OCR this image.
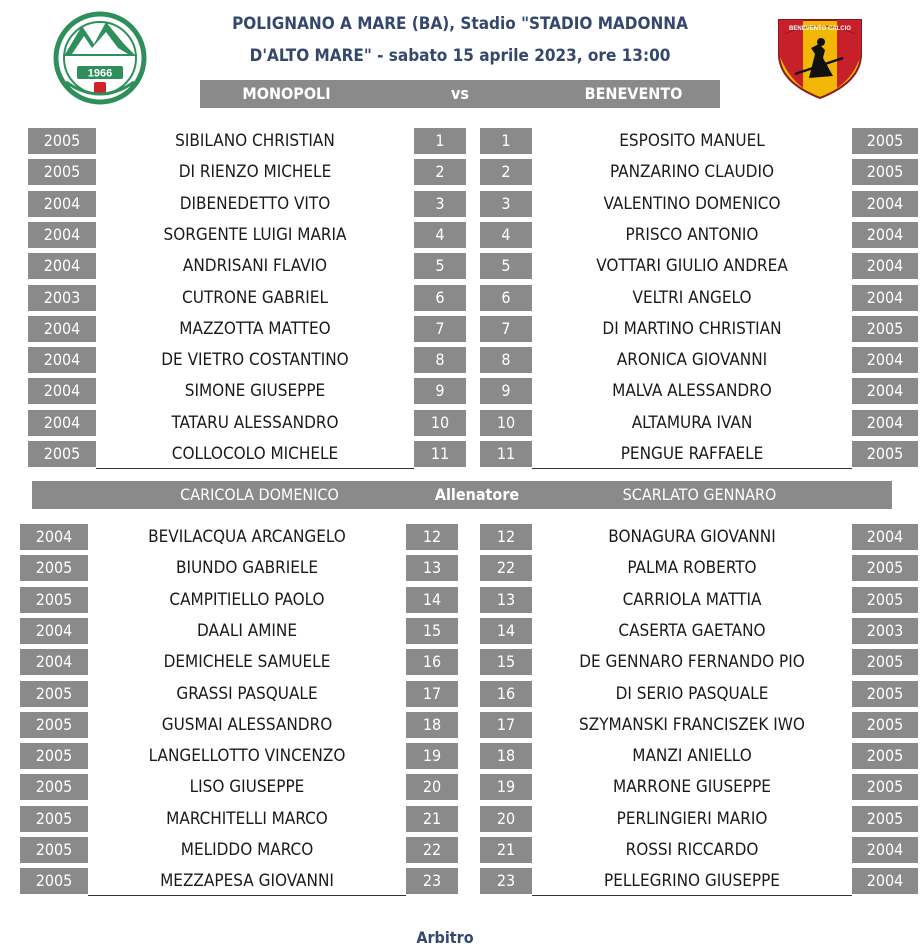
1966
BENEVENTO CALCIO
POLIGNANO A MARE (BA), Stadio "STADIO MADONNA
D'ALTO MARE" - sabato 15 aprile 2023, ore 13:00
MONOPOLI	vs	BENEVENTO
2005	SIBILANO CHRISTIAN	1	1	ESPOSITO MANUEL	2005
2005	DI RIENZO MICHELE	2	2	PANZARINO CLAUDIO	2005
2004	DIBENEDETTO VITO	3	3	VALENTINO DOMENICO	2004
2004	SORGENTE LUIGI MARIA	4	4	PRISCO ANTONIO	2004
2004	ANDRISANI FLAVIO	5	5	VOTTARI GIULIO ANDREA	2004
2003	CUTRONE GABRIEL	6	6	VELTRI ANGELO	2004
2004	MAZZOTTA MATTEO	7	7	DI MARTINO CHRISTIAN	2005
2004	DE VIETRO COSTANTINO	8	8	ARONICA GIOVANNI	2004
2004	SIMONE GIUSEPPE	9	9	MALVA ALESSANDRO	2004
2004	TATARU ALESSANDRO	10	10	ALTAMURA IVAN	2004
2005	COLLOCOLO MICHELE	11	11	PENGUE RAFFAELE	2005
CARICOLA DOMENICO	Allenatore	SCARLATO GENNARO
2004	BEVILACQUA ARCANGELO	12	12	BONAGURA GIOVANNI	2004
2005	BIUNDO GABRIELE	13	22	PALMA ROBERTO	2005
2005	CAMPITIELLO PAOLO	14	13	CARRIOLA MATTIA	2005
2004	DAALI AMINE	15	14	CASERTA GAETANO	2003
2004	DEMICHELE SAMUELE	16	15	DE GENNARO FERNANDO PIO	2005
2005	GRASSI PASQUALE	17	16	DI SERIO PASQUALE	2005
2005	GUSMAI ALESSANDRO	18	17	SZYMANSKI FRANCISZEK IWO	2005
2005	LANGELLOTTO VINCENZO	19	18	MANZI ANIELLO	2005
2005	LISO GIUSEPPE	20	19	MARRONE GIUSEPPE	2005
2005	MARCHITELLI MARCO	21	20	PERLINGIERI MARIO	2005
2005	MELIDDO MARCO	22	21	ROSSI RICCARDO	2004
2005	MEZZAPESA GIOVANNI	23	23	PELLEGRINO GIUSEPPE	2004
Arbitro
